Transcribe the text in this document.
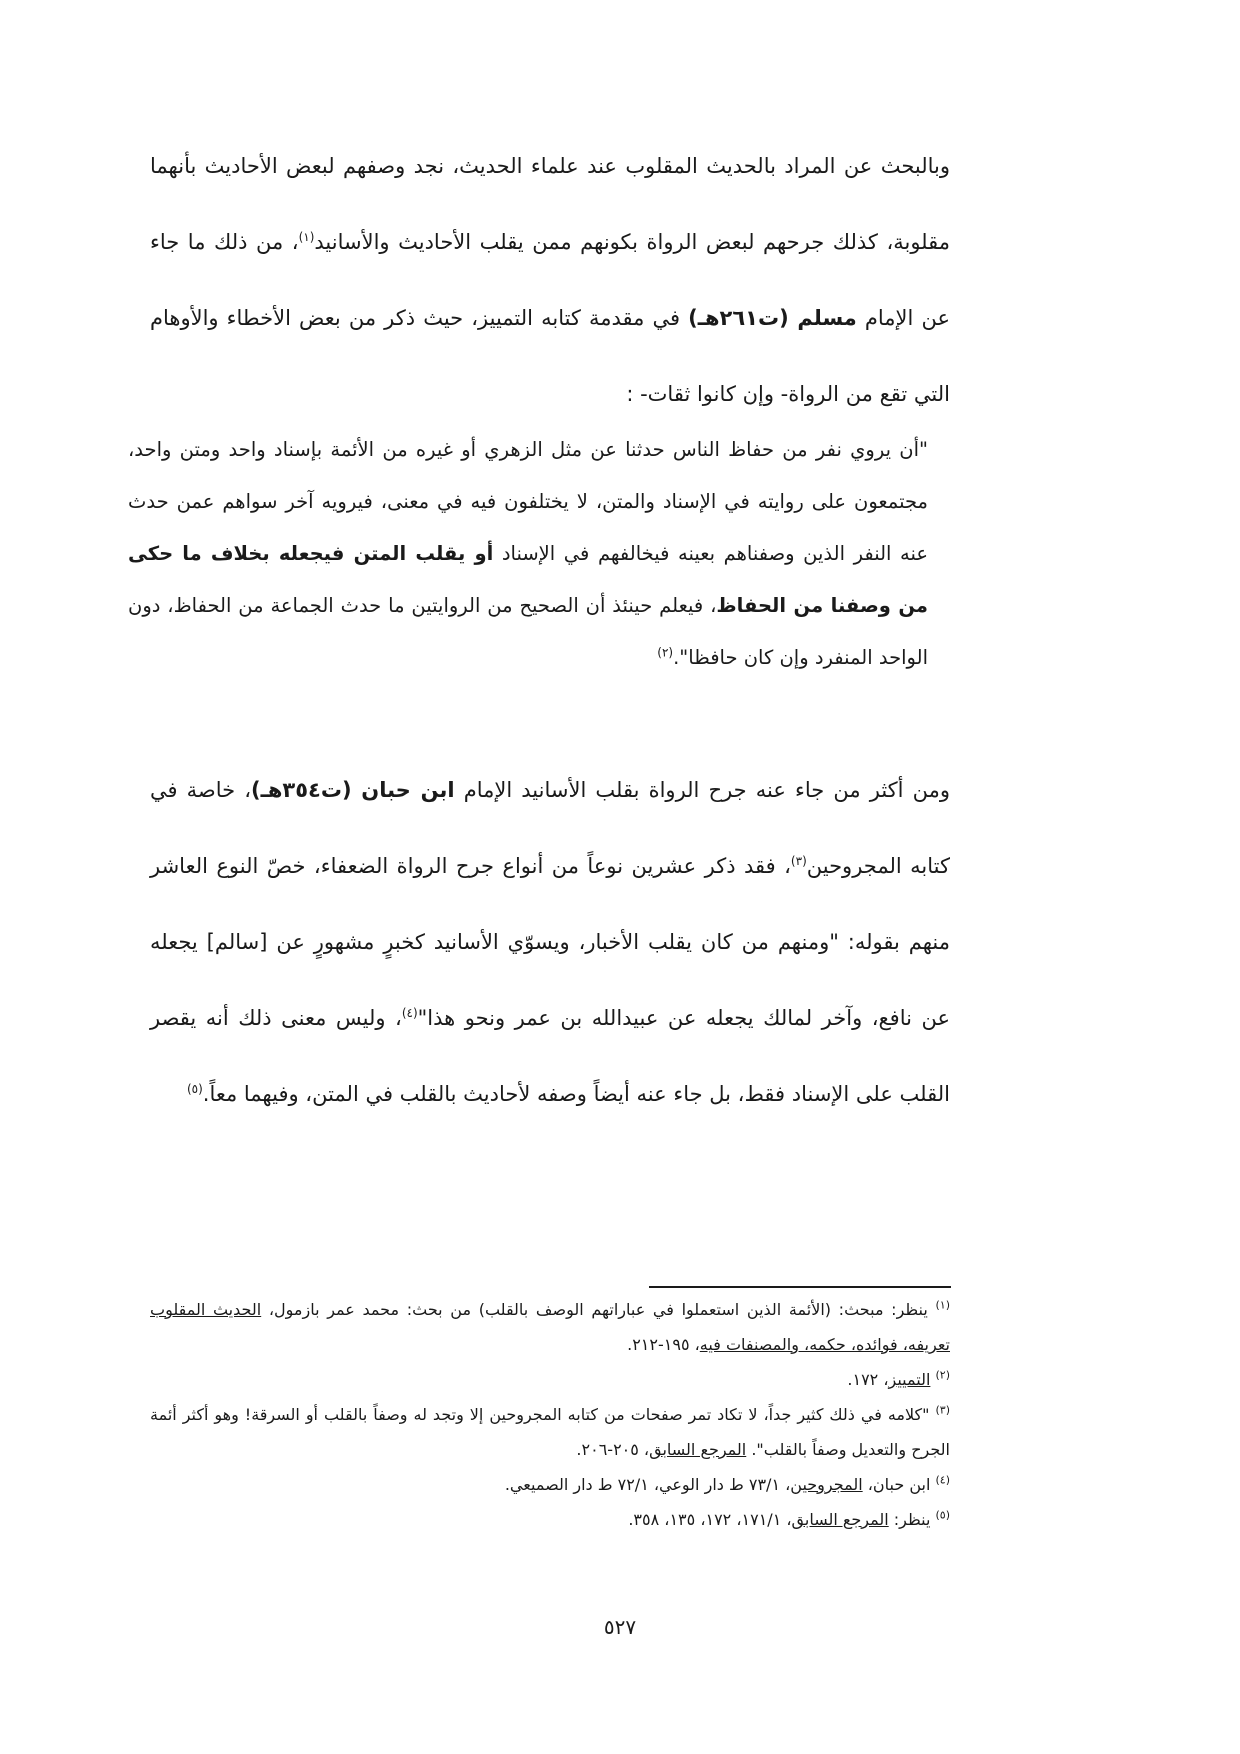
وبالبحث عن المراد بالحديث المقلوب عند علماء الحديث، نجد وصفهم لبعض الأحاديث بأنهما مقلوبة، كذلك جرحهم لبعض الرواة بكونهم ممن يقلب الأحاديث والأسانيد$^{(١)}$، من ذلك ما جاء عن الإمام مسلم (ت٢٦١هـ) في مقدمة كتابه التمييز، حيث ذكر من بعض الأخطاء والأوهام التي تقع من الرواة- وإن كانوا ثقات- :

"أن يروي نفر من حفاظ الناس حدثنا عن مثل الزهري أو غيره من الأئمة بإسناد واحد ومتن واحد، مجتمعون على روايته في الإسناد والمتن، لا يختلفون فيه في معنى، فيرويه آخر سواهم عمن حدث عنه النفر الذين وصفناهم بعينه فيخالفهم في الإسناد أو يقلب المتن فيجعله بخلاف ما حكى من وصفنا من الحفاظ، فيعلم حينئذ أن الصحيح من الروايتين ما حدث الجماعة من الحفاظ، دون الواحد المنفرد وإن كان حافظا".$^{(٢)}$

ومن أكثر من جاء عنه جرح الرواة بقلب الأسانيد الإمام ابن حبان (ت٣٥٤هـ)، خاصة في كتابه المجروحين$^{(٣)}$، فقد ذكر عشرين نوعاً من أنواع جرح الرواة الضعفاء، خصّ النوع العاشر منهم بقوله: "ومنهم من كان يقلب الأخبار، ويسوّي الأسانيد كخبرٍ مشهورٍ عن [سالم] يجعله عن نافع، وآخر لمالك يجعله عن عبيدالله بن عمر ونحو هذا"$^{(٤)}$، وليس معنى ذلك أنه يقصر القلب على الإسناد فقط، بل جاء عنه أيضاً وصفه لأحاديث بالقلب في المتن، وفيهما معاً.$^{(٥)}$

$^{(١)}$ ينظر: مبحث: (الأئمة الذين استعملوا في عباراتهم الوصف بالقلب) من بحث: محمد عمر بازمول، الحديث المقلوب تعريفه، فوائده، حكمه، والمصنفات فيه، ١٩٥-٢١٢.

$^{(٢)}$ التمييز، ١٧٢.

$^{(٣)}$ "كلامه في ذلك كثير جداً، لا تكاد تمر صفحات من كتابه المجروحين إلا وتجد له وصفاً بالقلب أو السرقة! وهو أكثر أئمة الجرح والتعديل وصفاً بالقلب". المرجع السابق، ٢٠٥-٢٠٦.

$^{(٤)}$ ابن حبان، المجروحين، ٧٣/١ ط دار الوعي، ٧٢/١ ط دار الصميعي.

$^{(٥)}$ ينظر: المرجع السابق، ١٧١/١، ١٧٢، ١٣٥، ٣٥٨.

٥٢٧
